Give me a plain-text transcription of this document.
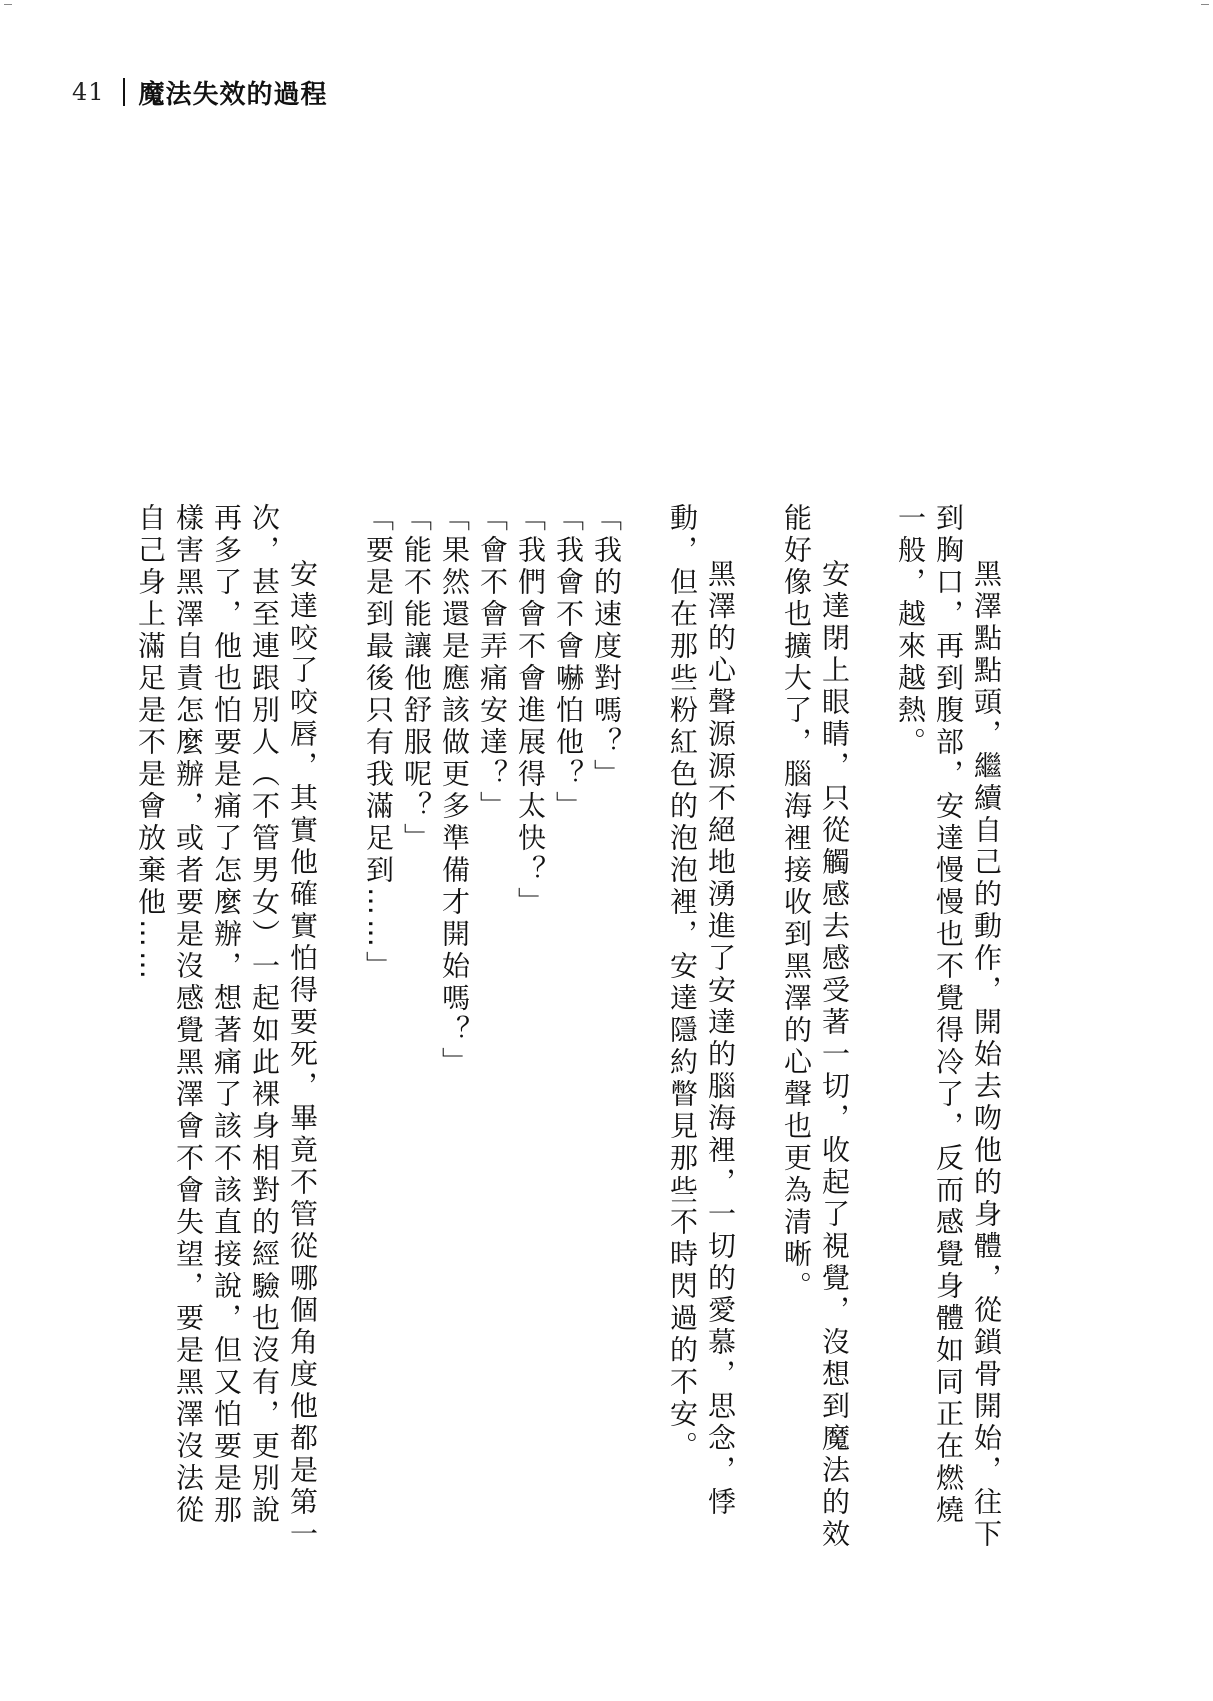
41 魔法失效的過程

黑澤點點頭，繼續自己的動作，開始去吻他的身體，從鎖骨開始，往下到胸口，再到腹部，安達慢慢也不覺得冷了，反而感覺身體如同正在燃燒一般，越來越熱。

安達閉上眼睛，只從觸感去感受著一切，收起了視覺，沒想到魔法的效能好像也擴大了，腦海裡接收到黑澤的心聲也更為清晰。

黑澤的心聲源源不絕地湧進了安達的腦海裡，一切的愛慕，思念，悸動，但在那些粉紅色的泡泡裡，安達隱約瞥見那些不時閃過的不安。

「我的速度對嗎？」

「我會不會嚇怕他？」

「我們會不會進展得太快？」

「會不會弄痛安達？」

「果然還是應該做更多準備才開始嗎？」

「能不能讓他舒服呢？」

「要是到最後只有我滿足到……」

安達咬了咬唇，其實他確實怕得要死，畢竟不管從哪個角度他都是第一次，甚至連跟別人（不管男女）一起如此裸身相對的經驗也沒有，更別說再多了，他也怕要是痛了怎麼辦，想著痛了該不該直接說，但又怕要是那樣害黑澤自責怎麼辦，或者要是沒感覺黑澤會不會失望，要是黑澤沒法從自己身上滿足是不是會放棄他……
